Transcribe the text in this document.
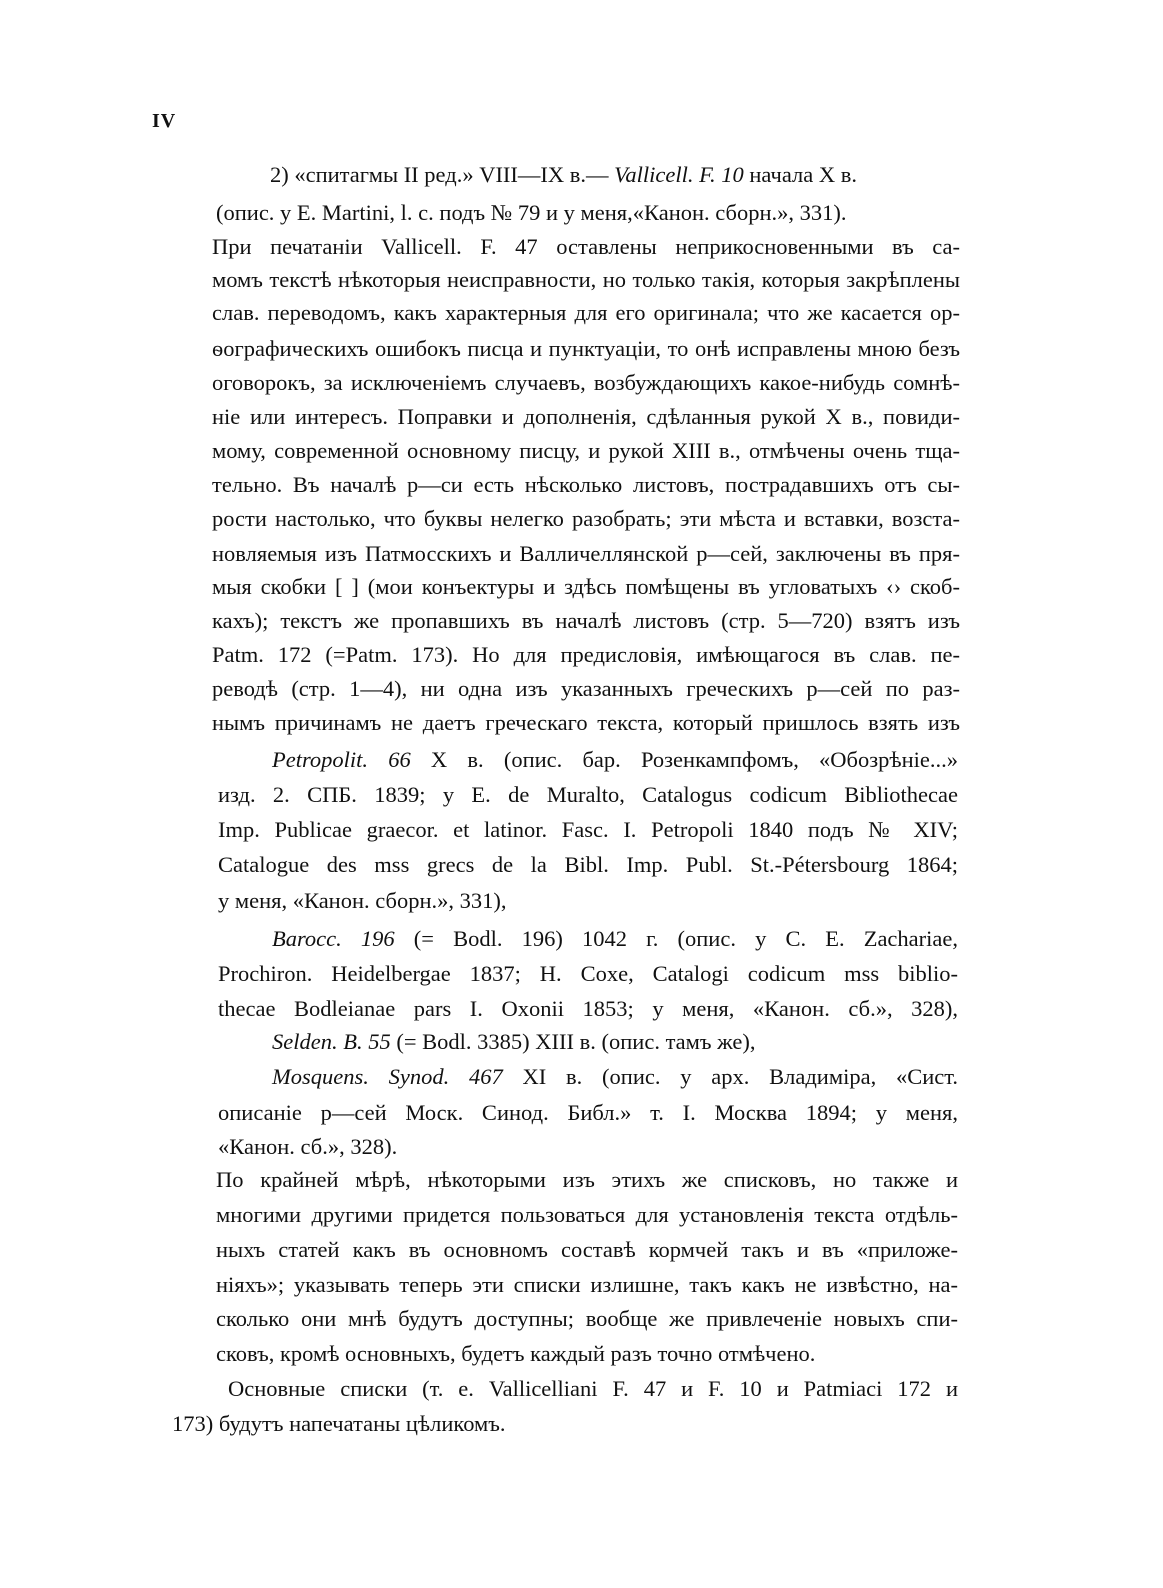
IV
2) «спитагмы II ред.» VIII—IX в.— Vallicell. F. 10 начала X в.
(опис. у E. Martini, l. c. подъ № 79 и у меня,«Канон. сборн.», 331).
При печатаніи Vallicell. F. 47 оставлены неприкосновенными въ са-
момъ текстѣ нѣкоторыя неисправности, но только такія, которыя закрѣплены
слав. переводомъ, какъ характерныя для его оригинала; что же касается ор-
ѳографическихъ ошибокъ писца и пунктуаціи, то онѣ исправлены мною безъ
оговорокъ, за исключеніемъ случаевъ, возбуждающихъ какое-нибудь сомнѣ-
ніе или интересъ. Поправки и дополненія, сдѣланныя рукой X в., повиди-
мому, современной основному писцу, и рукой XIII в., отмѣчены очень тща-
тельно. Въ началѣ р—си есть нѣсколько листовъ, пострадавшихъ отъ сы-
рости настолько, что буквы нелегко разобрать; эти мѣста и вставки, возста-
новляемыя изъ Патмосскихъ и Валличеллянской р—сей, заключены въ пря-
мыя скобки [ ] (мои конъектуры и здѣсь помѣщены въ угловатыхъ ‹› скоб-
кахъ); текстъ же пропавшихъ въ началѣ листовъ (стр. 5—720) взятъ изъ
Patm. 172 (=Patm. 173). Но для предисловія, имѣющагося въ слав. пе-
реводѣ (стр. 1—4), ни одна изъ указанныхъ греческихъ р—сей по раз-
нымъ причинамъ не даетъ греческаго текста, который пришлось взять изъ
Petropolit. 66 X в. (опис. бар. Розенкампфомъ, «Обозрѣніе...»
изд. 2. СПБ. 1839; у E. de Muralto, Catalogus codicum Bibliothecae
Imp. Publicae graecor. et latinor. Fasc. I. Petropoli 1840 подъ № XIV;
Catalogue des mss grecs de la Bibl. Imp. Publ. St.-Pétersbourg 1864;
у меня, «Канон. сборн.», 331),
Barocc. 196 (= Bodl. 196) 1042 г. (опис. у C. E. Zachariae,
Prochiron. Heidelbergae 1837; H. Coxe, Catalogi codicum mss biblio-
thecae Bodleianae pars I. Oxonii 1853; у меня, «Канон. сб.», 328),
Selden. B. 55 (= Bodl. 3385) XIII в. (опис. тамъ же),
Mosquens. Synod. 467 XI в. (опис. у арх. Владиміра, «Сист.
описаніе р—сей Моск. Синод. Библ.» т. I. Москва 1894; у меня,
«Канон. сб.», 328).
По крайней мѣрѣ, нѣкоторыми изъ этихъ же списковъ, но также и
многими другими придется пользоваться для установленія текста отдѣль-
ныхъ статей какъ въ основномъ составѣ кормчей такъ и въ «приложе-
ніяхъ»; указывать теперь эти списки излишне, такъ какъ не извѣстно, на-
сколько они мнѣ будутъ доступны; вообще же привлеченіе новыхъ спи-
сковъ, кромѣ основныхъ, будетъ каждый разъ точно отмѣчено.
Основные списки (т. е. Vallicelliani F. 47 и F. 10 и Patmiaci 172 и
173) будутъ напечатаны цѣликомъ.
